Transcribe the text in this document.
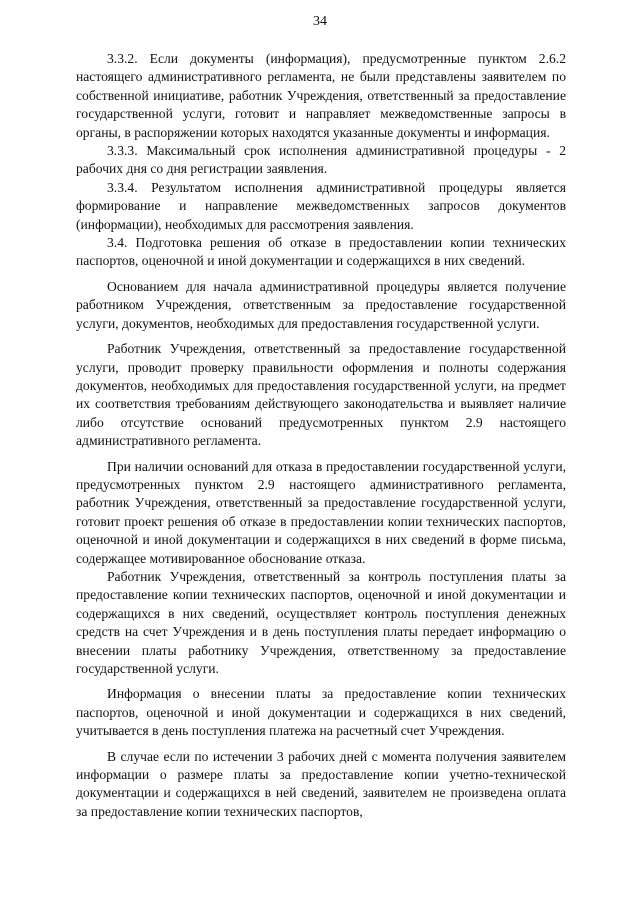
34

3.3.2. Если документы (информация), предусмотренные пунктом 2.6.2 настоящего административного регламента, не были представлены заявителем по собственной инициативе, работник Учреждения, ответственный за предоставление государственной услуги, готовит и направляет межведомственные запросы в органы, в распоряжении которых находятся указанные документы и информация.

3.3.3. Максимальный срок исполнения административной процедуры - 2 рабочих дня со дня регистрации заявления.

3.3.4. Результатом исполнения административной процедуры является формирование и направление межведомственных запросов документов (информации), необходимых для рассмотрения заявления.

3.4. Подготовка решения об отказе в предоставлении копии технических паспортов, оценочной и иной документации и содержащихся в них сведений.

Основанием для начала административной процедуры является получение работником Учреждения, ответственным за предоставление государственной услуги, документов, необходимых для предоставления государственной услуги.

Работник Учреждения, ответственный за предоставление государственной услуги, проводит проверку правильности оформления и полноты содержания документов, необходимых для предоставления государственной услуги, на предмет их соответствия требованиям действующего законодательства и выявляет наличие либо отсутствие оснований предусмотренных пунктом 2.9 настоящего административного регламента.

При наличии оснований для отказа в предоставлении государственной услуги, предусмотренных пунктом 2.9 настоящего административного регламента, работник Учреждения, ответственный за предоставление государственной услуги, готовит проект решения об отказе в предоставлении копии технических паспортов, оценочной и иной документации и содержащихся в них сведений в форме письма, содержащее мотивированное обоснование отказа.

Работник Учреждения, ответственный за контроль поступления платы за предоставление копии технических паспортов, оценочной и иной документации и содержащихся в них сведений, осуществляет контроль поступления денежных средств на счет Учреждения и в день поступления платы передает информацию о внесении платы работнику Учреждения, ответственному за предоставление государственной услуги.

Информация о внесении платы за предоставление копии технических паспортов, оценочной и иной документации и содержащихся в них сведений, учитывается в день поступления платежа на расчетный счет Учреждения.

В случае если по истечении 3 рабочих дней с момента получения заявителем информации о размере платы за предоставление копии учетно-технической документации и содержащихся в ней сведений, заявителем не произведена оплата за предоставление копии технических паспортов,
